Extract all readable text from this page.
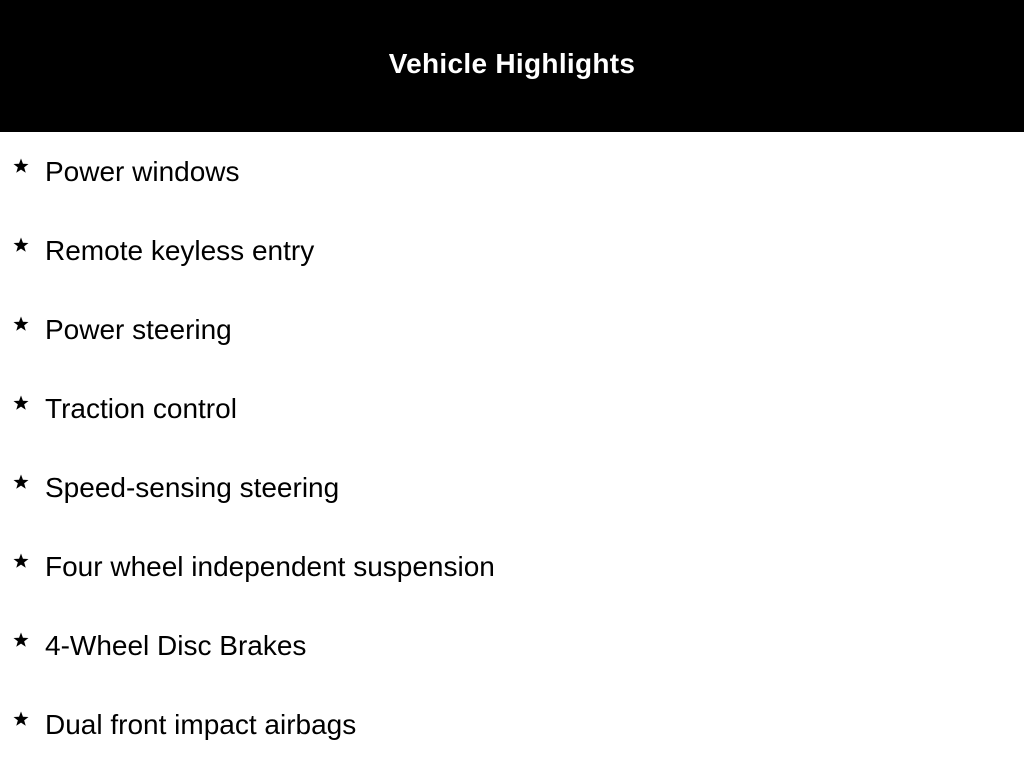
Vehicle Highlights
Power windows
Remote keyless entry
Power steering
Traction control
Speed-sensing steering
Four wheel independent suspension
4-Wheel Disc Brakes
Dual front impact airbags
